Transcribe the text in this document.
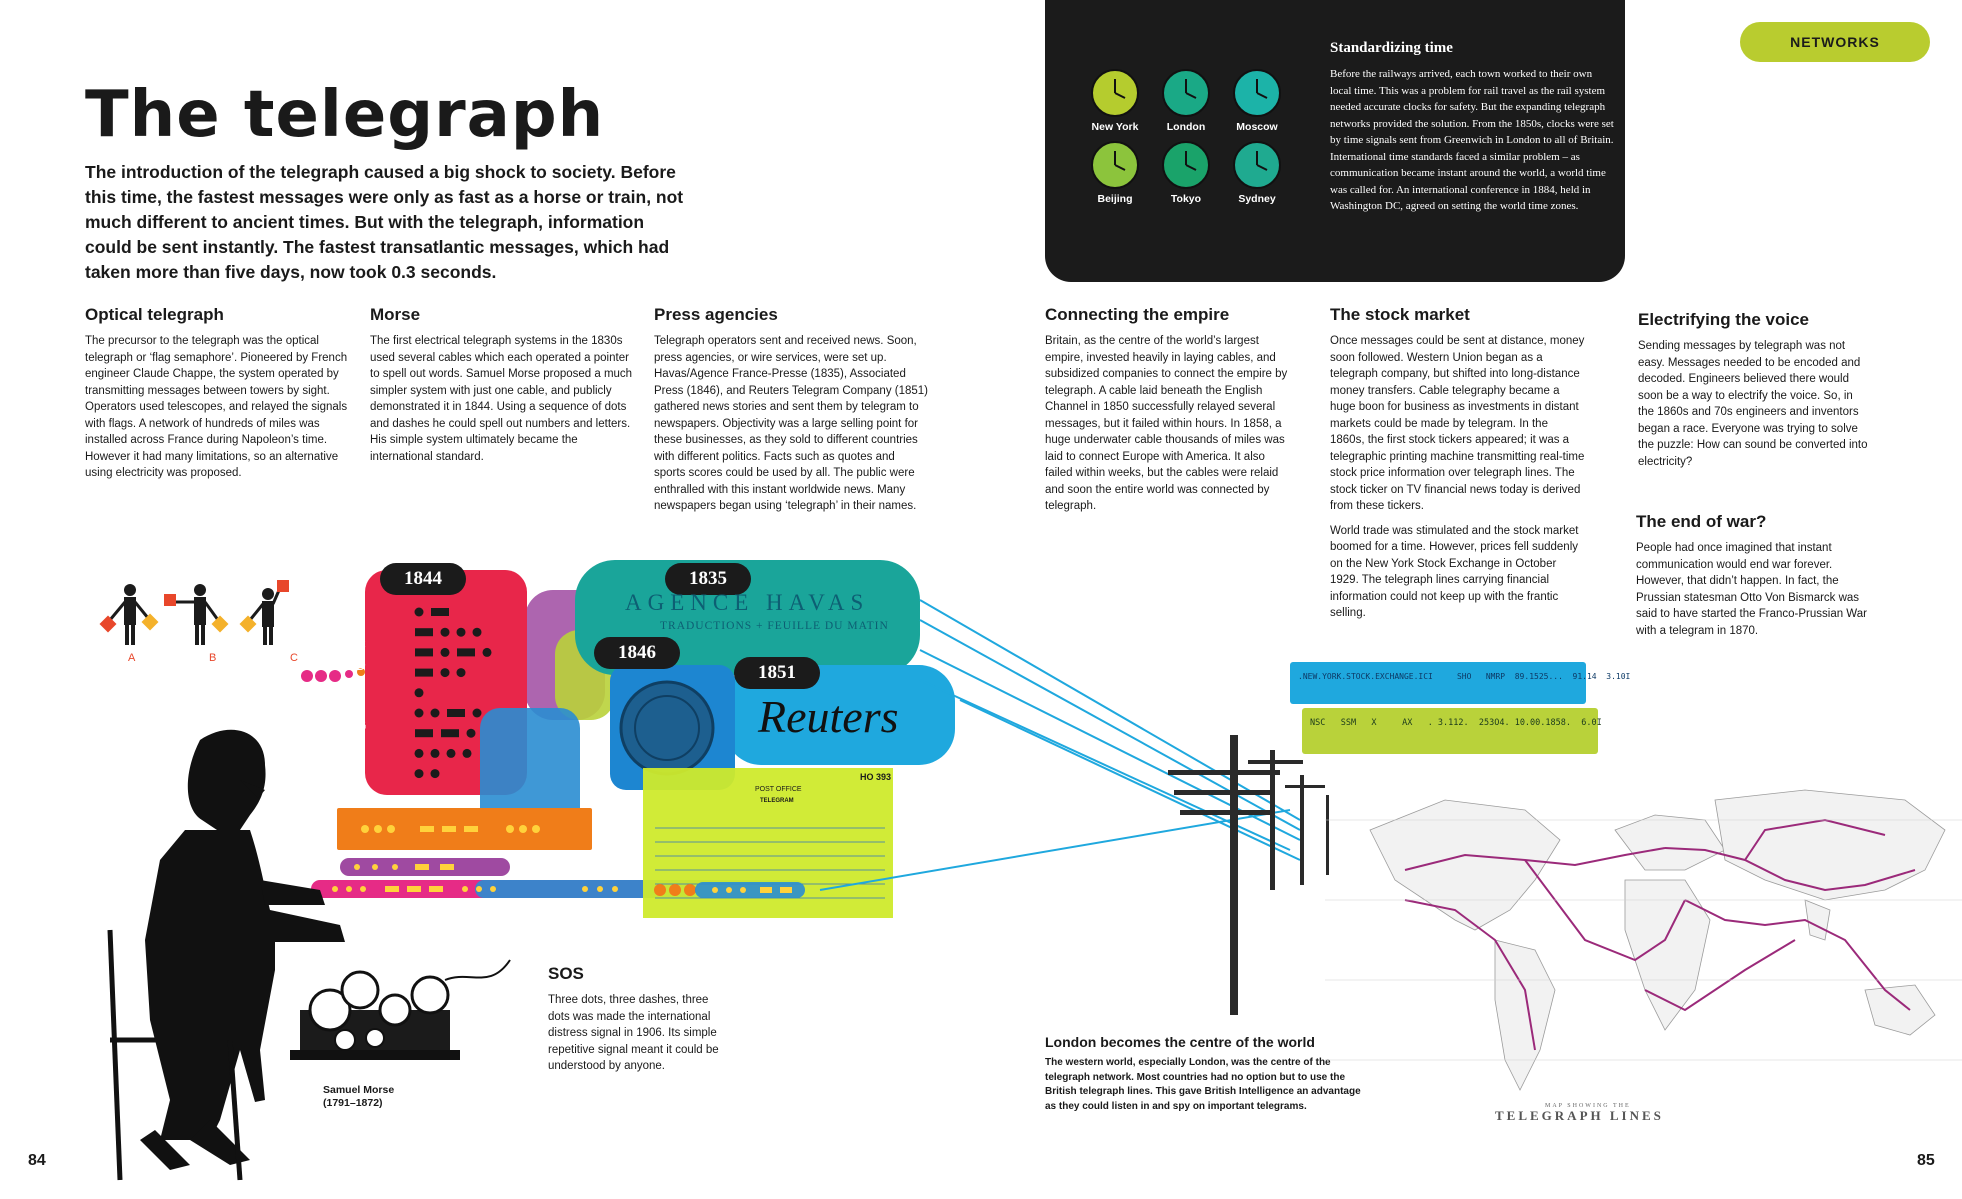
The telegraph

The introduction of the telegraph caused a big shock to society. Before this time, the fastest messages were only as fast as a horse or train, not much different to ancient times. But with the telegraph, information could be sent instantly. The fastest transatlantic messages, which had taken more than five days, now took 0.3 seconds.

Optical telegraph

The precursor to the telegraph was the optical telegraph or ‘flag semaphore’. Pioneered by French engineer Claude Chappe, the system operated by transmitting messages between towers by sight. Operators used telescopes, and relayed the signals with flags. A network of hundreds of miles was installed across France during Napoleon’s time. However it had many limitations, so an alternative using electricity was proposed.

Morse

The first electrical telegraph systems in the 1830s used several cables which each operated a pointer to spell out words. Samuel Morse proposed a much simpler system with just one cable, and publicly demonstrated it in 1844. Using a sequence of dots and dashes he could spell out numbers and letters. His simple system ultimately became the international standard.

Press agencies

Telegraph operators sent and received news. Soon, press agencies, or wire services, were set up. Havas/Agence France-Presse (1835), Associated Press (1846), and Reuters Telegram Company (1851) gathered news stories and sent them by telegram to newspapers. Objectivity was a large selling point for these businesses, as they sold to different countries with different politics. Facts such as quotes and sports scores could be used by all. The public were enthralled with this instant worldwide news. Many newspapers began using ‘telegraph’ in their names.

New York	London	Moscow
Beijing	Tokyo	Sydney
Standardizing time

Before the railways arrived, each town worked to their own local time. This was a problem for rail travel as the rail system needed accurate clocks for safety. But the expanding telegraph networks provided the solution. From the 1850s, clocks were set by time signals sent from Greenwich in London to all of Britain. International time standards faced a similar problem – as communication became instant around the world, a world time was called for. An international conference in 1884, held in Washington DC, agreed on setting the world time zones.

NETWORKS
Connecting the empire

Britain, as the centre of the world’s largest empire, invested heavily in laying cables, and subsidized companies to connect the empire by telegraph. A cable laid beneath the English Channel in 1850 successfully relayed several messages, but it failed within hours. In 1858, a huge underwater cable thousands of miles was laid to connect Europe with America. It also failed within weeks, but the cables were relaid and soon the entire world was connected by telegraph.

The stock market

Once messages could be sent at distance, money soon followed. Western Union began as a telegraph company, but shifted into long-distance money transfers. Cable telegraphy became a huge boon for business as investments in distant markets could be made by telegram. In the 1860s, the first stock tickers appeared; it was a telegraphic printing machine transmitting real-time stock price information over telegraph lines. The stock ticker on TV financial news today is derived from these tickers.

World trade was stimulated and the stock market boomed for a time. However, prices fell suddenly on the New York Stock Exchange in October 1929. The telegraph lines carrying financial information could not keep up with the frantic selling.

Electrifying the voice

Sending messages by telegraph was not easy. Messages needed to be encoded and decoded. Engineers believed there would soon be a way to electrify the voice. So, in the 1860s and 70s engineers and inventors began a race. Everyone was trying to solve the puzzle: How can sound be converted into electricity?

The end of war?

People had once imagined that instant communication would end war forever. However, that didn’t happen. In fact, the Prussian statesman Otto Von Bismarck was said to have started the Franco-Prussian War with a telegram in 1870.

SOS

Three dots, three dashes, three dots was made the international distress signal in 1906. Its simple repetitive signal meant it could be understood by anyone.

London becomes the centre of the world

The western world, especially London, was the centre of the telegraph network. Most countries had no option but to use the British telegraph lines. This gave British Intelligence an advantage as they could listen in and spy on important telegrams.

84	85
A	B	C
1844	1835
1846
1851
AGENCE HAVAS
TRADUCTIONS + FEUILLE DU MATIN
Reuters
A
B
C
D
E
F
G
H
I
HO 393
POST OFFICE
TELEGRAM
.NEW.YORK.STOCK.EXCHANGE.ICI     SHO   NMRP  89.1525...  91.14  3.10I
NSC   SSM   X     AX   . 3.112.  253O4. 10.00.1858.  6.0I
MAP SHOWING THE
TELEGRAPH LINES
Samuel Morse
(1791–1872)
